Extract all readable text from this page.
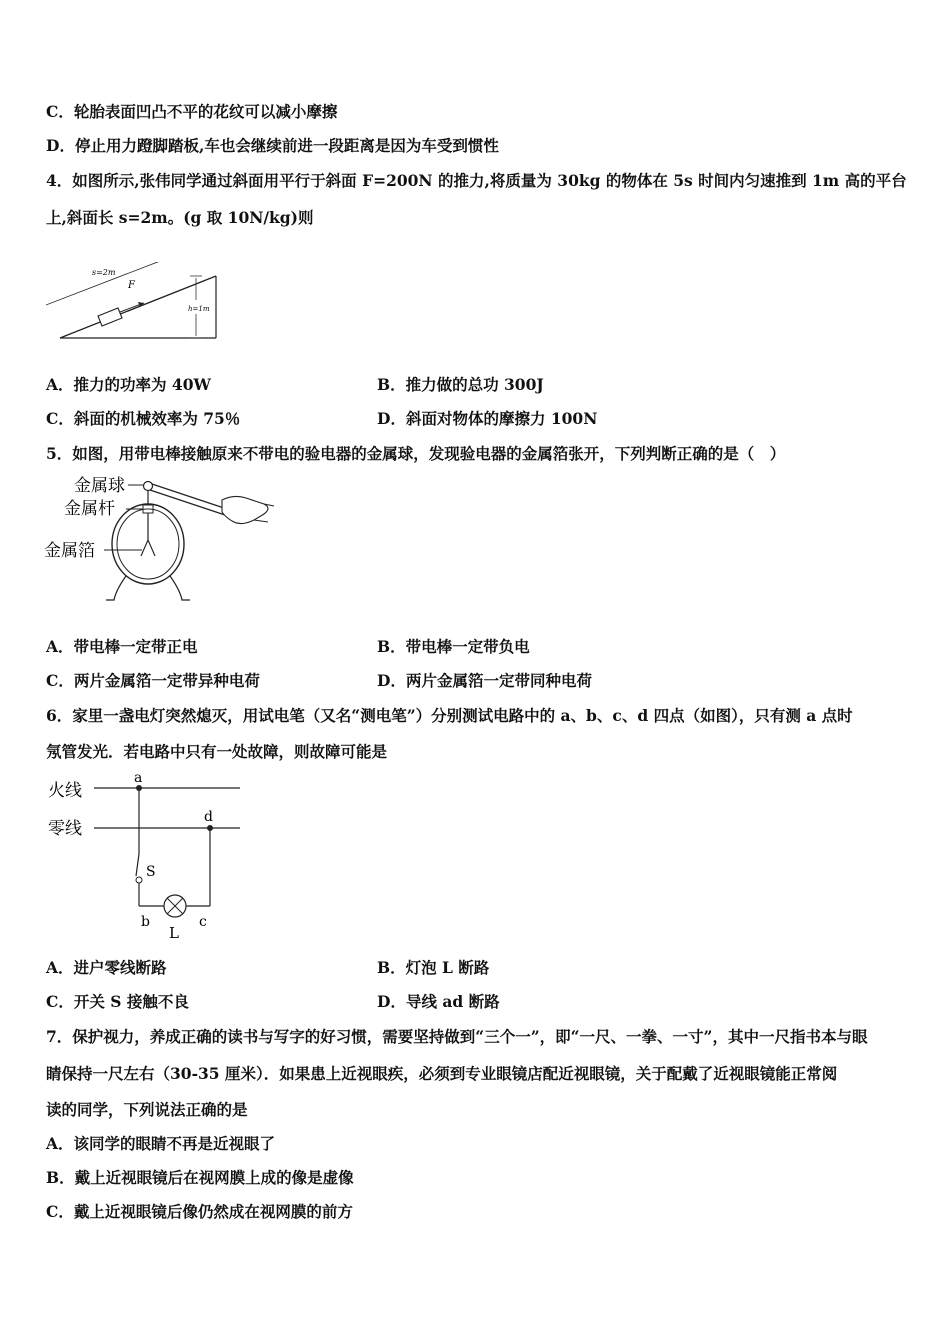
C．轮胎表面凹凸不平的花纹可以减小摩擦
D．停止用力蹬脚踏板,车也会继续前进一段距离是因为车受到惯性
4．如图所示,张伟同学通过斜面用平行于斜面 F=200N 的推力,将质量为 30kg 的物体在 5s 时间内匀速推到 1m 高的平台
上,斜面长 s=2m。(g 取 10N/kg)则
s=2m
F
h=1m
A．推力的功率为 40W	B．推力做的总功 300J
C．斜面的机械效率为 75％	D．斜面对物体的摩擦力 100N
5．如图，用带电棒接触原来不带电的验电器的金属球，发现验电器的金属箔张开，下列判断正确的是（　）
金属球
金属杆
金属箔
A．带电棒一定带正电	B．带电棒一定带负电
C．两片金属箔一定带异种电荷	D．两片金属箔一定带同种电荷
6．家里一盏电灯突然熄灭，用试电笔（又名“测电笔”）分别测试电路中的 a、b、c、d 四点（如图），只有测 a 点时
氖管发光．若电路中只有一处故障，则故障可能是
火线
零线
a
d
S
b	c
L
A．进户零线断路	B．灯泡 L 断路
C．开关 S 接触不良	D．导线 ad 断路
7．保护视力，养成正确的读书与写字的好习惯，需要坚持做到“三个一”，即“一尺、一拳、一寸”，其中一尺指书本与眼
睛保持一尺左右（30-35 厘米）．如果患上近视眼疾，必须到专业眼镜店配近视眼镜，关于配戴了近视眼镜能正常阅
读的同学，下列说法正确的是
A．该同学的眼睛不再是近视眼了
B．戴上近视眼镜后在视网膜上成的像是虚像
C．戴上近视眼镜后像仍然成在视网膜的前方
